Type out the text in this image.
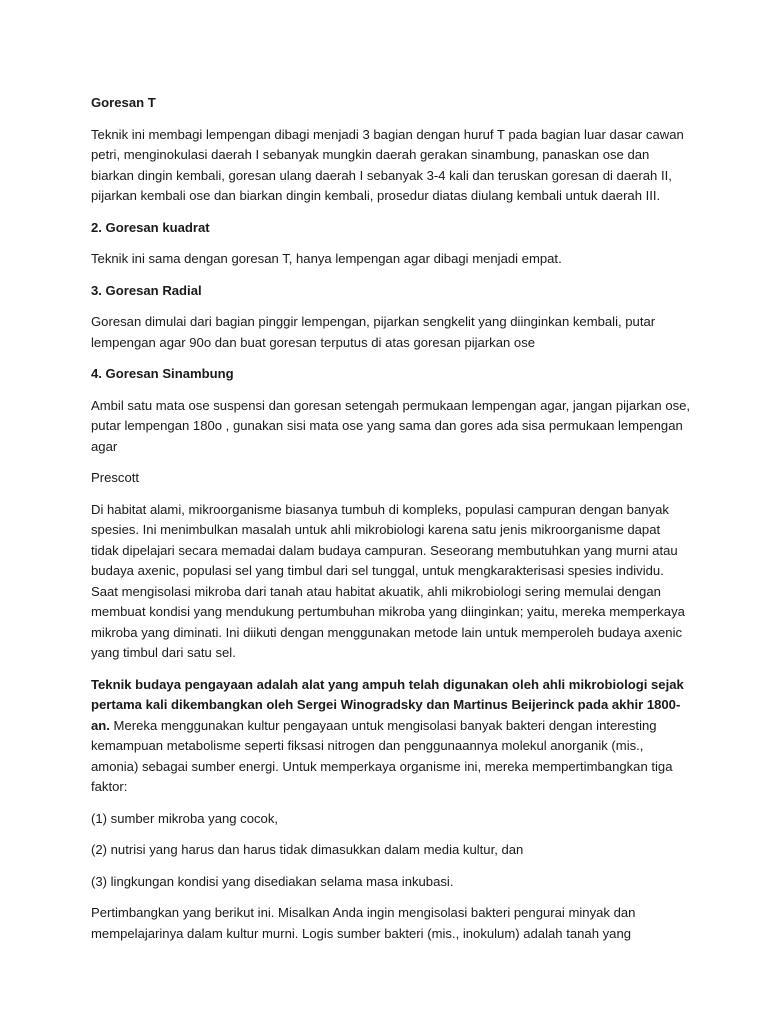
Goresan T

Teknik ini membagi lempengan dibagi menjadi 3 bagian dengan huruf T pada bagian luar dasar cawan petri, menginokulasi daerah I sebanyak mungkin daerah gerakan sinambung, panaskan ose dan biarkan dingin kembali, goresan ulang daerah I sebanyak 3-4 kali dan teruskan goresan di daerah II, pijarkan kembali ose dan biarkan dingin kembali, prosedur diatas diulang kembali untuk daerah III.

2. Goresan kuadrat

Teknik ini sama dengan goresan T, hanya lempengan agar dibagi menjadi empat.

3. Goresan Radial

Goresan dimulai dari bagian pinggir lempengan, pijarkan sengkelit yang diinginkan kembali, putar lempengan agar 90o dan buat goresan terputus di atas goresan pijarkan ose

4. Goresan Sinambung

Ambil satu mata ose suspensi dan goresan setengah permukaan lempengan agar, jangan pijarkan ose, putar lempengan 180o , gunakan sisi mata ose yang sama dan gores ada sisa permukaan lempengan agar

Prescott

Di habitat alami, mikroorganisme biasanya tumbuh di kompleks, populasi campuran dengan banyak spesies. Ini menimbulkan masalah untuk ahli mikrobiologi karena satu jenis mikroorganisme dapat tidak dipelajari secara memadai dalam budaya campuran. Seseorang membutuhkan yang murni atau budaya axenic, populasi sel yang timbul dari sel tunggal, untuk mengkarakterisasi spesies individu. Saat mengisolasi mikroba dari tanah atau habitat akuatik, ahli mikrobiologi sering memulai dengan membuat kondisi yang mendukung pertumbuhan mikroba yang diinginkan; yaitu, mereka memperkaya mikroba yang diminati. Ini diikuti dengan menggunakan metode lain untuk memperoleh budaya axenic yang timbul dari satu sel.

Teknik budaya pengayaan adalah alat yang ampuh telah digunakan oleh ahli mikrobiologi sejak pertama kali dikembangkan oleh Sergei Winogradsky dan Martinus Beijerinck pada akhir 1800-an. Mereka menggunakan kultur pengayaan untuk mengisolasi banyak bakteri dengan interesting kemampuan metabolisme seperti fiksasi nitrogen dan penggunaannya molekul anorganik (mis., amonia) sebagai sumber energi. Untuk memperkaya organisme ini, mereka mempertimbangkan tiga faktor:

(1) sumber mikroba yang cocok,

(2) nutrisi yang harus dan harus tidak dimasukkan dalam media kultur, dan

(3) lingkungan kondisi yang disediakan selama masa inkubasi.

Pertimbangkan yang berikut ini. Misalkan Anda ingin mengisolasi bakteri pengurai minyak dan mempelajarinya dalam kultur murni. Logis sumber bakteri (mis., inokulum) adalah tanah yang
